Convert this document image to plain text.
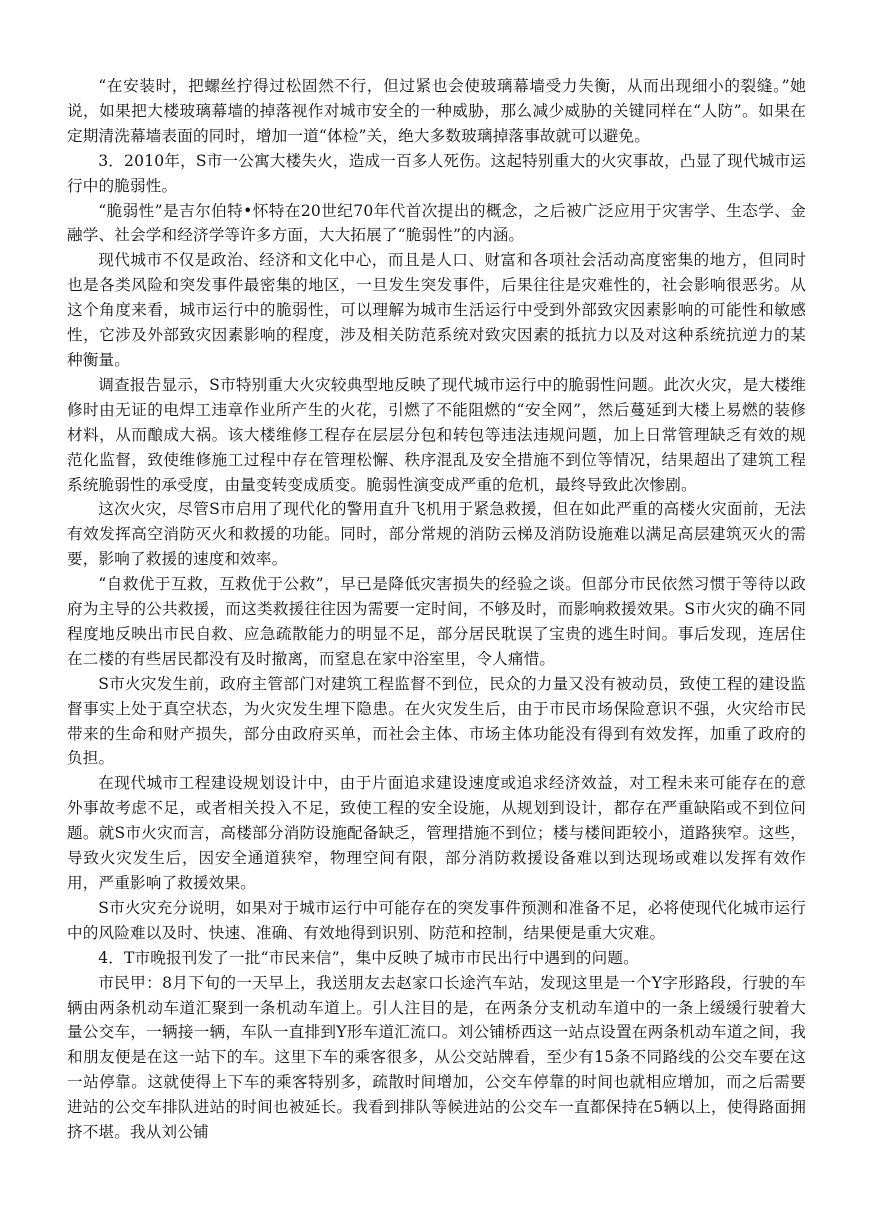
“在安装时，把螺丝拧得过松固然不行，但过紧也会使玻璃幕墙受力失衡，从而出现细小的裂缝。”她说，如果把大楼玻璃幕墙的掉落视作对城市安全的一种威胁，那么减少威胁的关键同样在“人防”。如果在定期清洗幕墙表面的同时，增加一道“体检”关，绝大多数玻璃掉落事故就可以避免。

3．2010年，S市一公寓大楼失火，造成一百多人死伤。这起特别重大的火灾事故，凸显了现代城市运行中的脆弱性。

“脆弱性”是吉尔伯特•怀特在20世纪70年代首次提出的概念，之后被广泛应用于灾害学、生态学、金融学、社会学和经济学等许多方面，大大拓展了“脆弱性”的内涵。

现代城市不仅是政治、经济和文化中心，而且是人口、财富和各项社会活动高度密集的地方，但同时也是各类风险和突发事件最密集的地区，一旦发生突发事件，后果往往是灾难性的，社会影响很恶劣。从这个角度来看，城市运行中的脆弱性，可以理解为城市生活运行中受到外部致灾因素影响的可能性和敏感性，它涉及外部致灾因素影响的程度，涉及相关防范系统对致灾因素的抵抗力以及对这种系统抗逆力的某种衡量。

调查报告显示，S市特别重大火灾较典型地反映了现代城市运行中的脆弱性问题。此次火灾，是大楼维修时由无证的电焊工违章作业所产生的火花，引燃了不能阻燃的“安全网”，然后蔓延到大楼上易燃的装修材料，从而酿成大祸。该大楼维修工程存在层层分包和转包等违法违规问题，加上日常管理缺乏有效的规范化监督，致使维修施工过程中存在管理松懈、秩序混乱及安全措施不到位等情况，结果超出了建筑工程系统脆弱性的承受度，由量变转变成质变。脆弱性演变成严重的危机，最终导致此次惨剧。

这次火灾，尽管S市启用了现代化的警用直升飞机用于紧急救援，但在如此严重的高楼火灾面前，无法有效发挥高空消防灭火和救援的功能。同时，部分常规的消防云梯及消防设施难以满足高层建筑灭火的需要，影响了救援的速度和效率。

“自救优于互救，互救优于公救”，早已是降低灾害损失的经验之谈。但部分市民依然习惯于等待以政府为主导的公共救援，而这类救援往往因为需要一定时间，不够及时，而影响救援效果。S市火灾的确不同程度地反映出市民自救、应急疏散能力的明显不足，部分居民耽误了宝贵的逃生时间。事后发现，连居住在二楼的有些居民都没有及时撤离，而窒息在家中浴室里，令人痛惜。

S市火灾发生前，政府主管部门对建筑工程监督不到位，民众的力量又没有被动员，致使工程的建设监督事实上处于真空状态，为火灾发生埋下隐患。在火灾发生后，由于市民市场保险意识不强，火灾给市民带来的生命和财产损失，部分由政府买单，而社会主体、市场主体功能没有得到有效发挥，加重了政府的负担。

在现代城市工程建设规划设计中，由于片面追求建设速度或追求经济效益，对工程未来可能存在的意外事故考虑不足，或者相关投入不足，致使工程的安全设施，从规划到设计，都存在严重缺陷或不到位问题。就S市火灾而言，高楼部分消防设施配备缺乏，管理措施不到位；楼与楼间距较小，道路狭窄。这些，导致火灾发生后，因安全通道狭窄，物理空间有限，部分消防救援设备难以到达现场或难以发挥有效作用，严重影响了救援效果。

S市火灾充分说明，如果对于城市运行中可能存在的突发事件预测和准备不足，必将使现代化城市运行中的风险难以及时、快速、准确、有效地得到识别、防范和控制，结果便是重大灾难。

4．T市晚报刊发了一批“市民来信”，集中反映了城市市民出行中遇到的问题。

市民甲：8月下旬的一天早上，我送朋友去赵家口长途汽车站，发现这里是一个Y字形路段，行驶的车辆由两条机动车道汇聚到一条机动车道上。引人注目的是，在两条分支机动车道中的一条上缓缓行驶着大量公交车，一辆接一辆，车队一直排到Y形车道汇流口。刘公铺桥西这一站点设置在两条机动车道之间，我和朋友便是在这一站下的车。这里下车的乘客很多，从公交站牌看，至少有15条不同路线的公交车要在这一站停靠。这就使得上下车的乘客特别多，疏散时间增加，公交车停靠的时间也就相应增加，而之后需要进站的公交车排队进站的时间也被延长。我看到排队等候进站的公交车一直都保持在5辆以上，使得路面拥挤不堪。我从刘公铺
